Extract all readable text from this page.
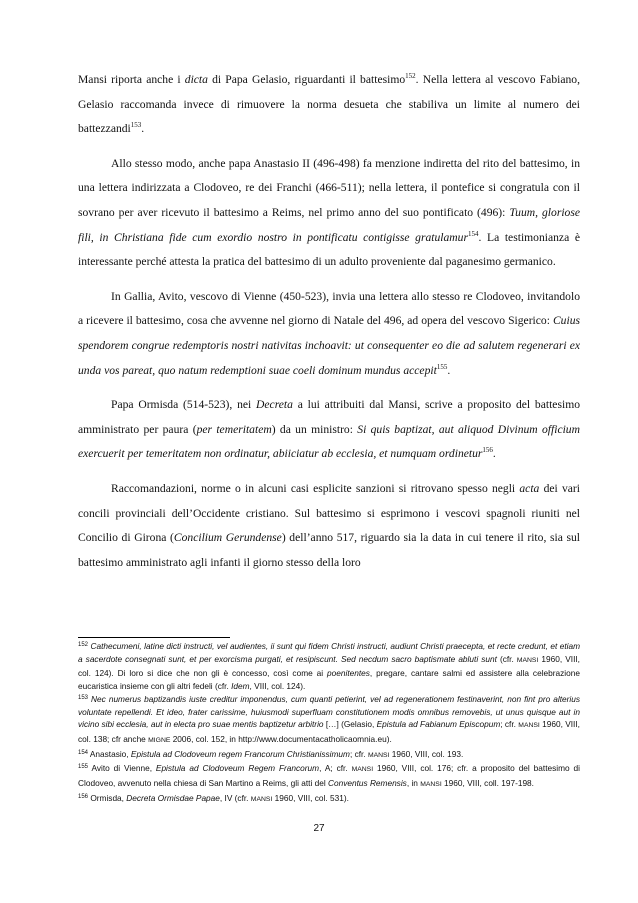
Mansi riporta anche i dicta di Papa Gelasio, riguardanti il battesimo$^{152}$. Nella lettera al vescovo Fabiano, Gelasio raccomanda invece di rimuovere la norma desueta che stabiliva un limite al numero dei battezzandi$^{153}$.

Allo stesso modo, anche papa Anastasio II (496-498) fa menzione indiretta del rito del battesimo, in una lettera indirizzata a Clodoveo, re dei Franchi (466-511); nella lettera, il pontefice si congratula con il sovrano per aver ricevuto il battesimo a Reims, nel primo anno del suo pontificato (496): Tuum, gloriose fili, in Christiana fide cum exordio nostro in pontificatu contigisse gratulamur$^{154}$. La testimonianza è interessante perché attesta la pratica del battesimo di un adulto proveniente dal paganesimo germanico.

In Gallia, Avito, vescovo di Vienne (450-523), invia una lettera allo stesso re Clodoveo, invitandolo a ricevere il battesimo, cosa che avvenne nel giorno di Natale del 496, ad opera del vescovo Sigerico: Cuius spendorem congrue redemptoris nostri nativitas inchoavit: ut consequenter eo die ad salutem regenerari ex unda vos pareat, quo natum redemptioni suae coeli dominum mundus accepit$^{155}$.

Papa Ormisda (514-523), nei Decreta a lui attribuiti dal Mansi, scrive a proposito del battesimo amministrato per paura (per temeritatem) da un ministro: Si quis baptizat, aut aliquod Divinum officium exercuerit per temeritatem non ordinatur, abiiciatur ab ecclesia, et numquam ordinetur$^{156}$.

Raccomandazioni, norme o in alcuni casi esplicite sanzioni si ritrovano spesso negli acta dei vari concili provinciali dell’Occidente cristiano. Sul battesimo si esprimono i vescovi spagnoli riuniti nel Concilio di Girona (Concilium Gerundense) dell’anno 517, riguardo sia la data in cui tenere il rito, sia sul battesimo amministrato agli infanti il giorno stesso della loro

$^{152}$ Cathecumeni, latine dicti instructi, vel audientes, ii sunt qui fidem Christi instructi, audiunt Christi praecepta, et recte credunt, et etiam a sacerdote consegnati sunt, et per exorcisma purgati, et resipiscunt. Sed necdum sacro baptismate abluti sunt (cfr. MANSI 1960, VIII, col. 124). Di loro si dice che non gli è concesso, così come ai poenitentes, pregare, cantare salmi ed assistere alla celebrazione eucaristica insieme con gli altri fedeli (cfr. Idem, VIII, col. 124).
$^{153}$ Nec numerus baptizandis iuste creditur imponendus, cum quanti petierint, vel ad regenerationem festinaverint, non fint pro alterius voluntate repellendi. Et ideo, frater carissime, huiusmodi superfluam constitutionem modis omnibus removebis, ut unus quisque aut in vicino sibi ecclesia, aut in electa pro suae mentis baptizetur arbitrio […] (Gelasio, Epistula ad Fabianum Episcopum; cfr. MANSI 1960, VIII, col. 138; cfr anche MIGNE 2006, col. 152, in http://www.documentacatholicaomnia.eu).
$^{154}$ Anastasio, Epistula ad Clodoveum regem Francorum Christianissimum; cfr. MANSI 1960, VIII, col. 193.
$^{155}$ Avito di Vienne, Epistula ad Clodoveum Regem Francorum, A; cfr. MANSI 1960, VIII, col. 176; cfr. a proposito del battesimo di Clodoveo, avvenuto nella chiesa di San Martino a Reims, gli atti del Conventus Remensis, in MANSI 1960, VIII, coll. 197-198.
$^{156}$ Ormisda, Decreta Ormisdae Papae, IV (cfr. MANSI 1960, VIII, col. 531).
27
